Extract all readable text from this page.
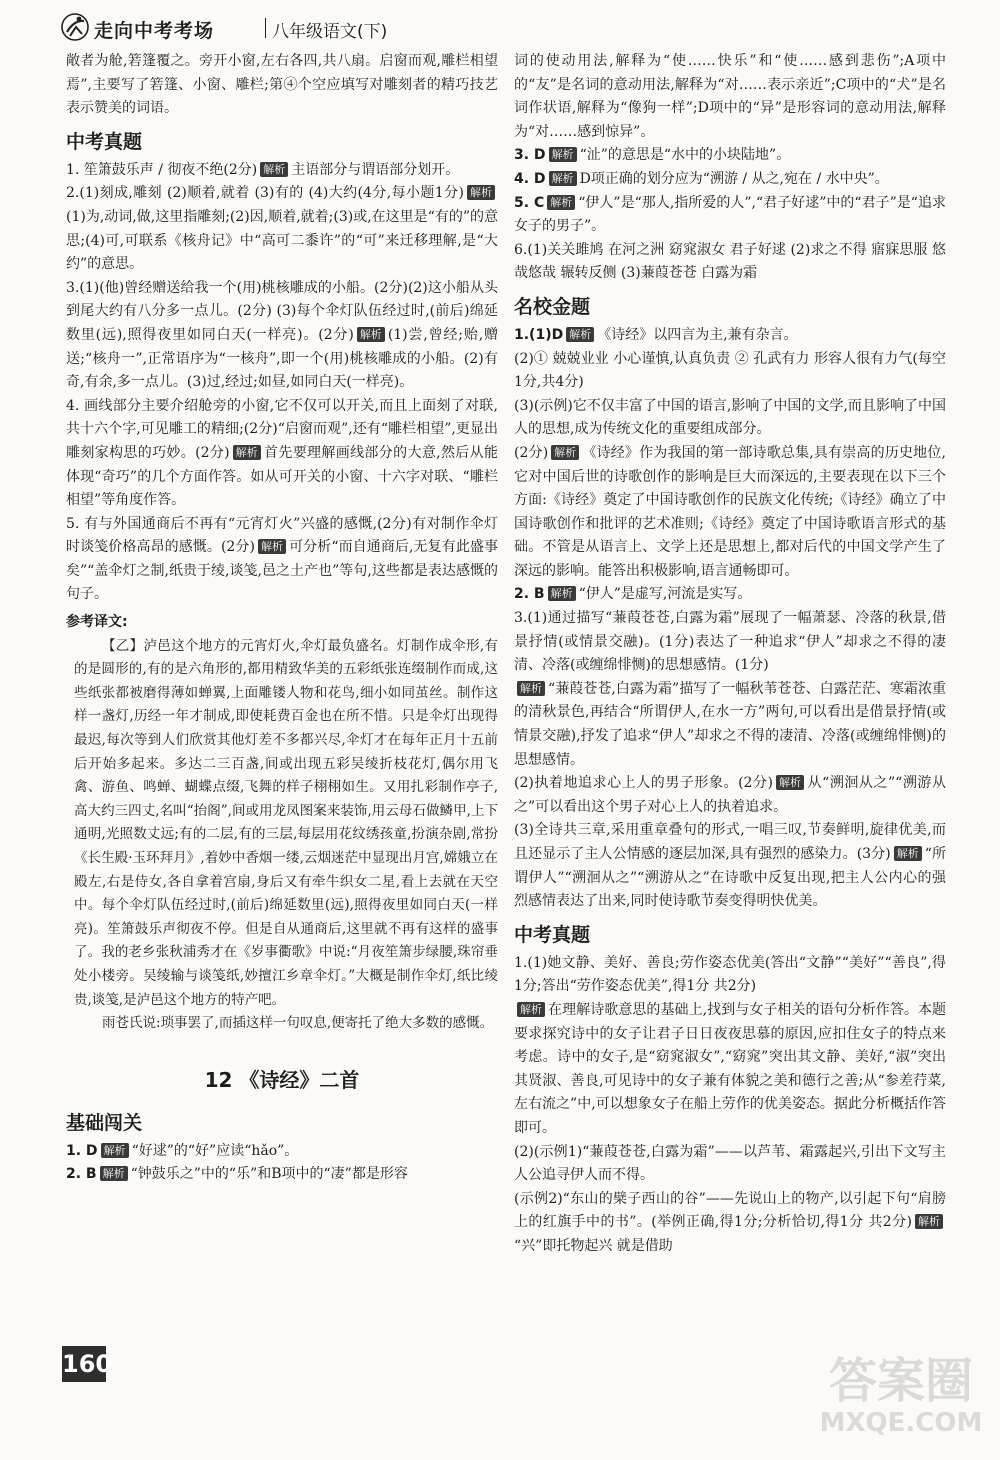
走向中考考场	八年级语文(下)

敞者为舱,箬篷覆之。旁开小窗,左右各四,共八扇。启窗而观,雕栏相望焉”,主要写了箬篷、小窗、雕栏;第④个空应填写对雕刻者的精巧技艺表示赞美的词语。

中考真题

1. 笙箫鼓乐声 / 彻夜不绝(2分) 解析 主语部分与谓语部分划开。

2.(1)刻成,雕刻 (2)顺着,就着 (3)有的 (4)大约(4分,每小题1分) 解析(1)为,动词,做,这里指雕刻;(2)因,顺着,就着;(3)或,在这里是“有的”的意思;(4)可,可联系《核舟记》中“高可二黍许”的“可”来迁移理解,是“大约”的意思。

3.(1)(他)曾经赠送给我一个(用)桃核雕成的小船。(2分)(2)这小船从头到尾大约有八分多一点儿。(2分) (3)每个伞灯队伍经过时,(前后)绵延数里(远),照得夜里如同白天(一样亮)。(2分) 解析 (1)尝,曾经;贻,赠送;“核舟一”,正常语序为“一核舟”,即一个(用)桃核雕成的小船。(2)有奇,有余,多一点儿。(3)过,经过;如昼,如同白天(一样亮)。

4. 画线部分主要介绍舱旁的小窗,它不仅可以开关,而且上面刻了对联,共十六个字,可见雕工的精细;(2分)“启窗而观”,还有“雕栏相望”,更显出雕刻家构思的巧妙。(2分) 解析 首先要理解画线部分的大意,然后从能体现“奇巧”的几个方面作答。如从可开关的小窗、十六字对联、“雕栏相望”等角度作答。

5. 有与外国通商后不再有“元宵灯火”兴盛的感慨,(2分)有对制作伞灯时谈笺价格高昂的感慨。(2分) 解析 可分析“而自通商后,无复有此盛事矣”“盖伞灯之制,纸贵于绫,谈笺,邑之土产也”等句,这些都是表达感慨的句子。

参考译文:

【乙】泸邑这个地方的元宵灯火,伞灯最负盛名。灯制作成伞形,有的是圆形的,有的是六角形的,都用精致华美的五彩纸张连缀制作而成,这些纸张都被磨得薄如蝉翼,上面雕镂人物和花鸟,细小如同茧丝。制作这样一盏灯,历经一年才制成,即使耗费百金也在所不惜。只是伞灯出现得最迟,每次等到人们欣赏其他灯差不多都兴尽,伞灯才在每年正月十五前后开始多起来。多达二三百盏,间或出现五彩吴绫折枝花灯,偶尔用飞禽、游鱼、鸣蝉、蝴蝶点缀,飞舞的样子栩栩如生。又用扎彩制作亭子,高大约三四丈,名叫“抬阁”,间或用龙凤图案来装饰,用云母石做鳞甲,上下通明,光照数丈远;有的二层,有的三层,每层用花纹绣孩童,扮演杂剧,常扮《长生殿·玉环拜月》,着妙中香烟一缕,云烟迷茫中显现出月宫,嫦娥立在殿左,右是侍女,各自拿着宫扇,身后又有牵牛织女二星,看上去就在天空中。每个伞灯队伍经过时,(前后)绵延数里(远),照得夜里如同白天(一样亮)。笙箫鼓乐声彻夜不停。但是自从通商后,这里就不再有这样的盛事了。我的老乡张秋浦秀才在《岁事衢歌》中说:“月夜笙箫步绿腰,珠帘垂处小楼旁。吴绫输与谈笺纸,妙擅江乡章伞灯。”大概是制作伞灯,纸比绫贵,谈笺,是泸邑这个地方的特产吧。

雨苍氏说:琐事罢了,而插这样一句叹息,便寄托了绝大多数的感慨。

12 《诗经》二首

基础闯关

1. D 解析 “好逑”的“好”应读“hǎo”。

2. B 解析 “钟鼓乐之”中的“乐”和B项中的“凄”都是形容

词的使动用法,解释为“使……快乐”和“使……感到悲伤”;A项中的“友”是名词的意动用法,解释为“对……表示亲近”;C项中的“犬”是名词作状语,解释为“像狗一样”;D项中的“异”是形容词的意动用法,解释为“对……感到惊异”。

3. D 解析 “沚”的意思是“水中的小块陆地”。

4. D 解析 D项正确的划分应为“溯游 / 从之,宛在 / 水中央”。

5. C 解析 “伊人”是“那人,指所爱的人”,“君子好逑”中的“君子”是“追求女子的男子”。

6.(1)关关雎鸠 在河之洲 窈窕淑女 君子好逑 (2)求之不得 寤寐思服 悠哉悠哉 辗转反侧 (3)蒹葭苍苍 白露为霜

名校金题

1.(1)D 解析 《诗经》以四言为主,兼有杂言。

(2)① 兢兢业业 小心谨慎,认真负责 ② 孔武有力 形容人很有力气(每空1分,共4分)

(3)(示例)它不仅丰富了中国的语言,影响了中国的文学,而且影响了中国人的思想,成为传统文化的重要组成部分。

(2分) 解析 《诗经》作为我国的第一部诗歌总集,具有崇高的历史地位,它对中国后世的诗歌创作的影响是巨大而深远的,主要表现在以下三个方面:《诗经》奠定了中国诗歌创作的民族文化传统;《诗经》确立了中国诗歌创作和批评的艺术准则;《诗经》奠定了中国诗歌语言形式的基础。不管是从语言上、文学上还是思想上,都对后代的中国文学产生了深远的影响。能答出积极影响,语言通畅即可。

2. B 解析 “伊人”是虚写,河流是实写。

3.(1)通过描写“蒹葭苍苍,白露为霜”展现了一幅萧瑟、冷落的秋景,借景抒情(或情景交融)。(1分)表达了一种追求“伊人”却求之不得的凄清、冷落(或缠绵悱恻)的思想感情。(1分)

解析 “蒹葭苍苍,白露为霜”描写了一幅秋苇苍苍、白露茫茫、寒霜浓重的清秋景色,再结合“所谓伊人,在水一方”两句,可以看出是借景抒情(或情景交融),抒发了追求“伊人”却求之不得的凄清、冷落(或缠绵悱恻)的思想感情。

(2)执着地追求心上人的男子形象。(2分) 解析 从“溯洄从之”“溯游从之”可以看出这个男子对心上人的执着追求。

(3)全诗共三章,采用重章叠句的形式,一唱三叹,节奏鲜明,旋律优美,而且还显示了主人公情感的逐层加深,具有强烈的感染力。(3分) 解析 “所谓伊人”“溯洄从之”“溯游从之”在诗歌中反复出现,把主人公内心的强烈感情表达了出来,同时使诗歌节奏变得明快优美。

中考真题

1.(1)她文静、美好、善良;劳作姿态优美(答出“文静”“美好”“善良”,得1分;答出“劳作姿态优美”,得1分 共2分)

解析 在理解诗歌意思的基础上,找到与女子相关的语句分析作答。本题要求探究诗中的女子让君子日日夜夜思慕的原因,应扣住女子的特点来考虑。诗中的女子,是“窈窕淑女”,“窈窕”突出其文静、美好,“淑”突出其贤淑、善良,可见诗中的女子兼有体貌之美和德行之善;从“参差荇菜,左右流之”中,可以想象女子在船上劳作的优美姿态。据此分析概括作答即可。

(2)(示例1)“蒹葭苍苍,白露为霜”——以芦苇、霜露起兴,引出下文写主人公追寻伊人而不得。

(示例2)“东山的檗子西山的谷”——先说山上的物产,以引起下句“肩膀上的红旗手中的书”。(举例正确,得1分;分析恰切,得1分 共2分) 解析“兴”即托物起兴 就是借助

160	答案圈
MXQE.COM
